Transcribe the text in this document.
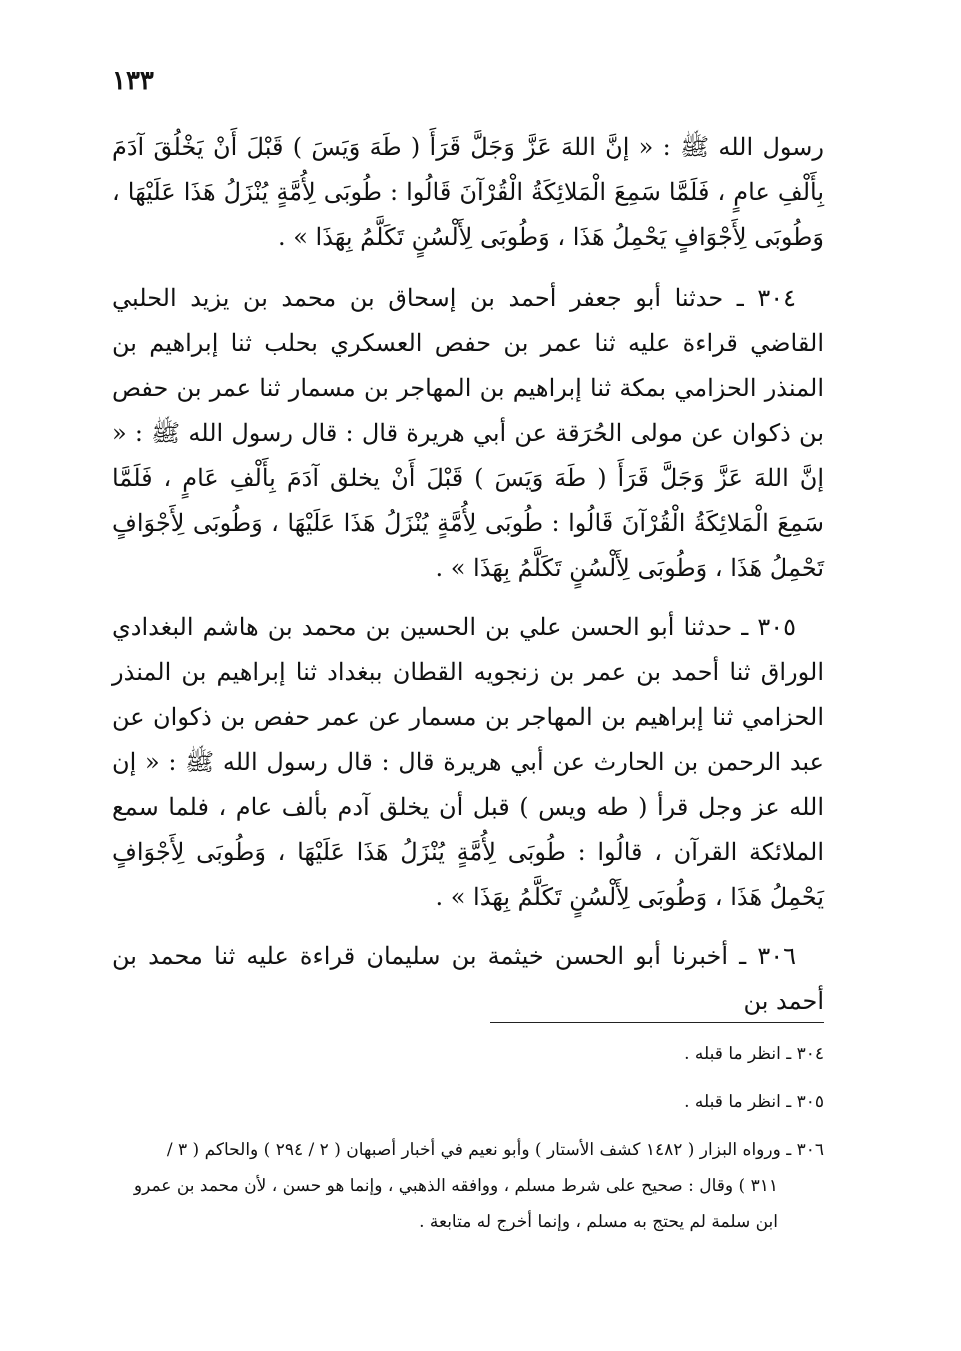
١٣٣

رسول الله ﷺ : « إنَّ اللهَ عَزَّ وَجَلَّ قَرَأَ ( طَهَ وَيَسَ ) قَبْلَ أَنْ يَخْلُقَ آدَمَ بِأَلْفِ عامٍ ، فَلَمَّا سَمِعَ الْمَلائِكَةُ الْقُرْآنَ قَالُوا : طُوبَى لِأُمَّةٍ يُنْزَلُ هَذَا عَلَيْهَا ، وَطُوبَى لِأَجْوَافٍ يَحْمِلُ هَذَا ، وَطُوبَى لِأَلْسُنٍ تَكَلَّمُ بِهَذَا » .

٣٠٤ ـ حدثنا أبو جعفر أحمد بن إسحاق بن محمد بن يزيد الحلبي القاضي قراءة عليه ثنا عمر بن حفص العسكري بحلب ثنا إبراهيم بن المنذر الحزامي بمكة ثنا إبراهيم بن المهاجر بن مسمار ثنا عمر بن حفص بن ذكوان عن مولى الحُرَقة عن أبي هريرة قال : قال رسول الله ﷺ : « إنَّ اللهَ عَزَّ وَجَلَّ قَرَأَ ( طَهَ وَيَسَ ) قَبْلَ أَنْ يخلق آدَمَ بِأَلْفِ عَامٍ ، فَلَمَّا سَمِعَ الْمَلائِكَةُ الْقُرْآنَ قَالُوا : طُوبَى لِأُمَّةٍ يُنْزَلُ هَذَا عَلَيْهَا ، وَطُوبَى لِأَجْوَافٍ تَحْمِلُ هَذَا ، وَطُوبَى لِأَلْسُنٍ تَكَلَّمُ بِهَذَا » .

٣٠٥ ـ حدثنا أبو الحسن علي بن الحسين بن محمد بن هاشم البغدادي الوراق ثنا أحمد بن عمر بن زنجويه القطان ببغداد ثنا إبراهيم بن المنذر الحزامي ثنا إبراهيم بن المهاجر بن مسمار عن عمر حفص بن ذكوان عن عبد الرحمن بن الحارث عن أبي هريرة قال : قال رسول الله ﷺ : « إن الله عز وجل قرأ ( طه ويس ) قبل أن يخلق آدم بألف عام ، فلما سمع الملائكة القرآن ، قالُوا : طُوبَى لِأُمَّةٍ يُنْزَلُ هَذَا عَلَيْهَا ، وَطُوبَى لِأَجْوَافٍ يَحْمِلُ هَذَا ، وَطُوبَى لِأَلْسُنٍ تَكَلَّمُ بِهَذَا » .

٣٠٦ ـ أخبرنا أبو الحسن خيثمة بن سليمان قراءة عليه ثنا محمد بن أحمد بن

٣٠٤ ـ انظر ما قبله .

٣٠٥ ـ انظر ما قبله .

٣٠٦ ـ ورواه البزار ( ١٤٨٢ كشف الأستار ) وأبو نعيم في أخبار أصبهان ( ٢ / ٢٩٤ ) والحاكم ( ٣ /
٣١١ ) وقال : صحيح على شرط مسلم ، ووافقه الذهبي ، وإنما هو حسن ، لأن محمد بن عمرو
ابن سلمة لم يحتج به مسلم ، وإنما أخرج له متابعة .
